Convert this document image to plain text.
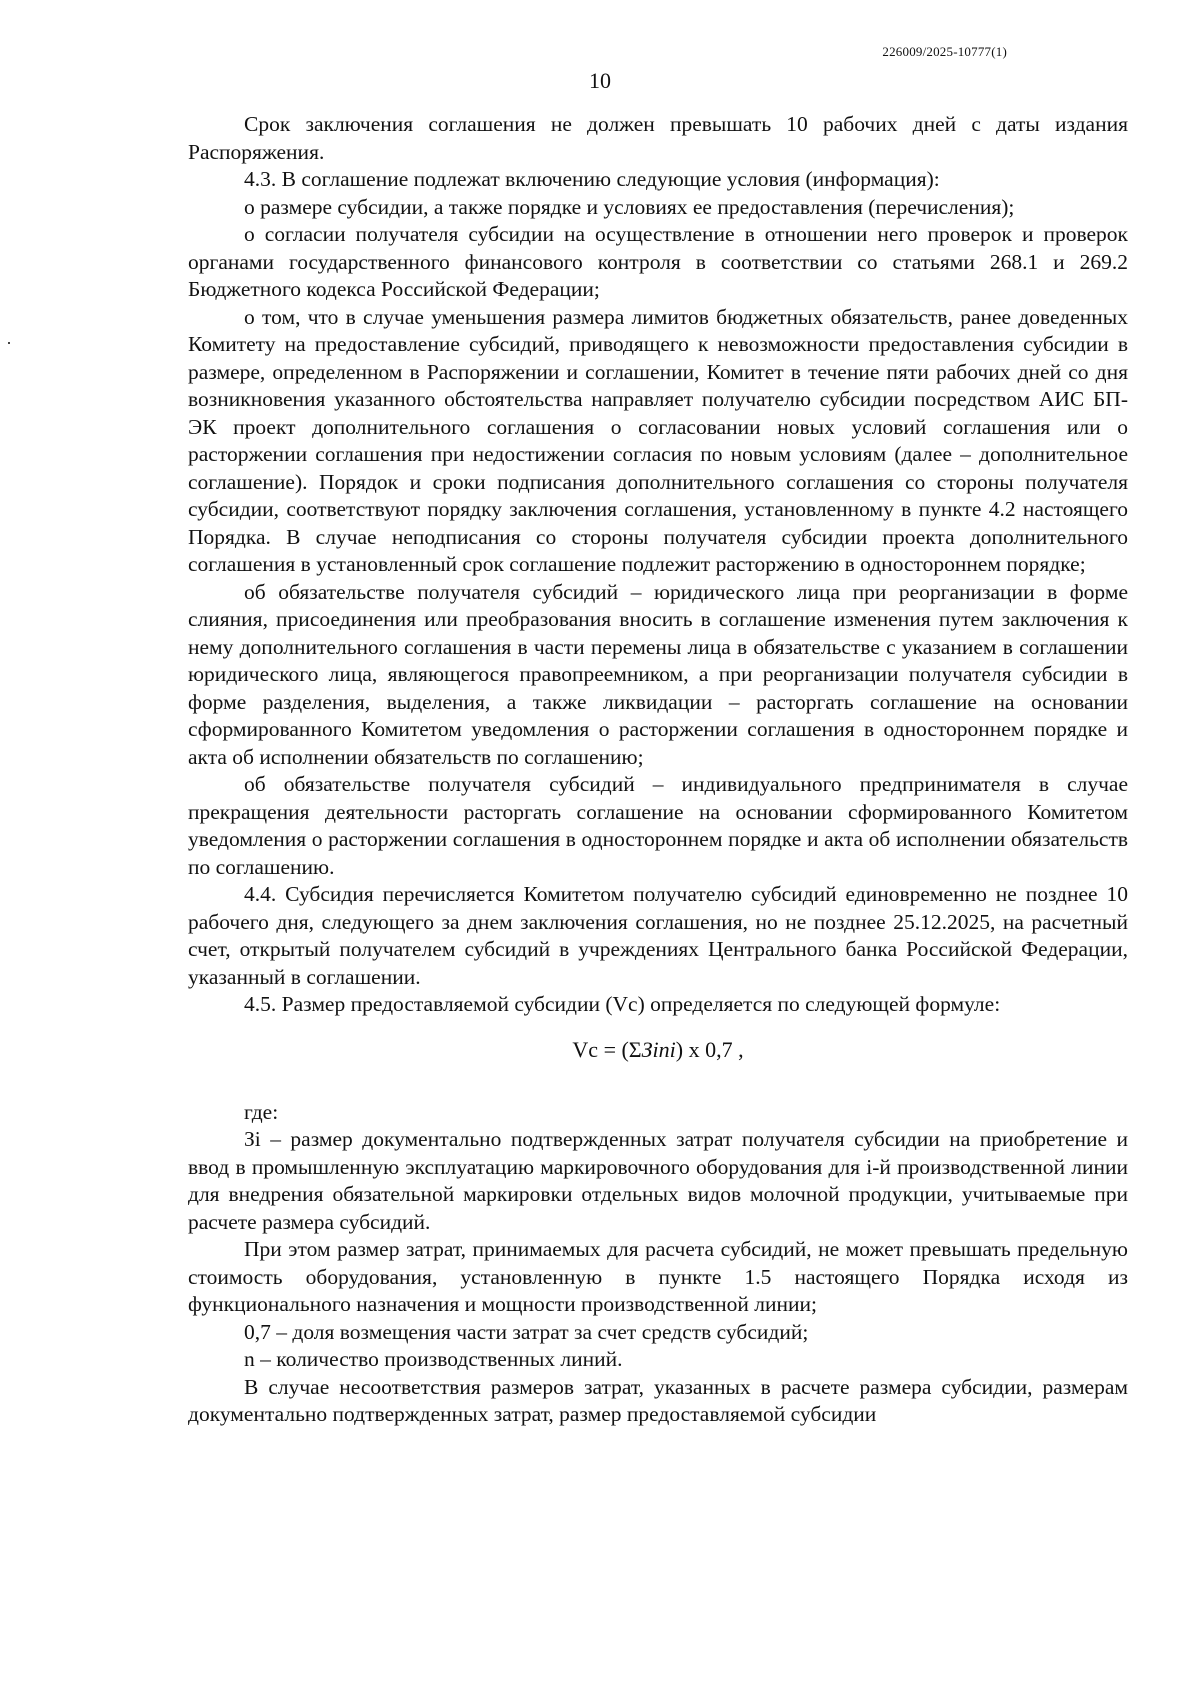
226009/2025-10777(1)
10

Срок заключения соглашения не должен превышать 10 рабочих дней с даты издания Распоряжения.

4.3. В соглашение подлежат включению следующие условия (информация):

о размере субсидии, а также порядке и условиях ее предоставления (перечисления);

о согласии получателя субсидии на осуществление в отношении него проверок и проверок органами государственного финансового контроля в соответствии со статьями 268.1 и 269.2 Бюджетного кодекса Российской Федерации;

о том, что в случае уменьшения размера лимитов бюджетных обязательств, ранее доведенных Комитету на предоставление субсидий, приводящего к невозможности предоставления субсидии в размере, определенном в Распоряжении и соглашении, Комитет в течение пяти рабочих дней со дня возникновения указанного обстоятельства направляет получателю субсидии посредством АИС БП-ЭК проект дополнительного соглашения о согласовании новых условий соглашения или о расторжении соглашения при недостижении согласия по новым условиям (далее – дополнительное соглашение). Порядок и сроки подписания дополнительного соглашения со стороны получателя субсидии, соответствуют порядку заключения соглашения, установленному в пункте 4.2 настоящего Порядка. В случае неподписания со стороны получателя субсидии проекта дополнительного соглашения в установленный срок соглашение подлежит расторжению в одностороннем порядке;

об обязательстве получателя субсидий – юридического лица при реорганизации в форме слияния, присоединения или преобразования вносить в соглашение изменения путем заключения к нему дополнительного соглашения в части перемены лица в обязательстве с указанием в соглашении юридического лица, являющегося правопреемником, а при реорганизации получателя субсидии в форме разделения, выделения, а также ликвидации – расторгать соглашение на основании сформированного Комитетом уведомления о расторжении соглашения в одностороннем порядке и акта об исполнении обязательств по соглашению;

об обязательстве получателя субсидий – индивидуального предпринимателя в случае прекращения деятельности расторгать соглашение на основании сформированного Комитетом уведомления о расторжении соглашения в одностороннем порядке и акта об исполнении обязательств по соглашению.

4.4. Субсидия перечисляется Комитетом получателю субсидий единовременно не позднее 10 рабочего дня, следующего за днем заключения соглашения, но не позднее 25.12.2025, на расчетный счет, открытый получателем субсидий в учреждениях Центрального банка Российской Федерации, указанный в соглашении.

4.5. Размер предоставляемой субсидии (Vc) определяется по следующей формуле:

Vc = (ΣЗini) x 0,7 ,

где:

Зi – размер документально подтвержденных затрат получателя субсидии на приобретение и ввод в промышленную эксплуатацию маркировочного оборудования для i-й производственной линии для внедрения обязательной маркировки отдельных видов молочной продукции, учитываемые при расчете размера субсидий.

При этом размер затрат, принимаемых для расчета субсидий, не может превышать предельную стоимость оборудования, установленную в пункте 1.5 настоящего Порядка исходя из функционального назначения и мощности производственной линии;

0,7 – доля возмещения части затрат за счет средств субсидий;

n – количество производственных линий.

В случае несоответствия размеров затрат, указанных в расчете размера субсидии, размерам документально подтвержденных затрат, размер предоставляемой субсидии
